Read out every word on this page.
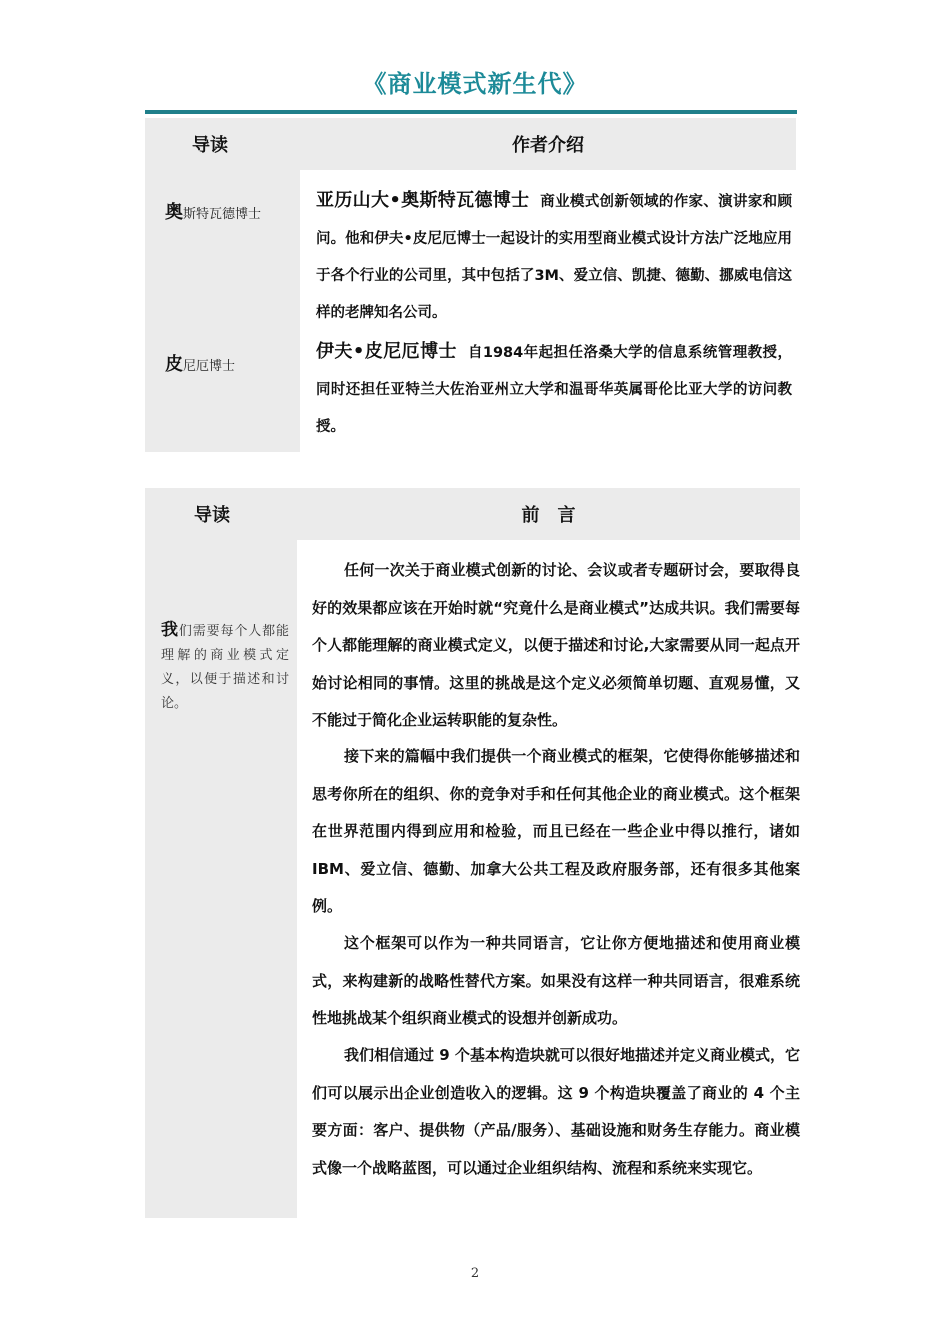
《商业模式新生代》
导读	作者介绍
奥斯特瓦德博士

亚历山大•奥斯特瓦德博士 商业模式创新领域的作家、演讲家和顾问。他和伊夫•皮尼厄博士一起设计的实用型商业模式设计方法广泛地应用于各个行业的公司里，其中包括了3M、爱立信、凯捷、德勤、挪威电信这样的老牌知名公司。

皮尼厄博士

伊夫•皮尼厄博士 自1984年起担任洛桑大学的信息系统管理教授，同时还担任亚特兰大佐治亚州立大学和温哥华英属哥伦比亚大学的访问教授。

导读	前　言

我们需要每个人都能理解的商业模式定义，以便于描述和讨论。

任何一次关于商业模式创新的讨论、会议或者专题研讨会，要取得良好的效果都应该在开始时就“究竟什么是商业模式”达成共识。我们需要每个人都能理解的商业模式定义，以便于描述和讨论,大家需要从同一起点开始讨论相同的事情。这里的挑战是这个定义必须简单切题、直观易懂，又不能过于简化企业运转职能的复杂性。

接下来的篇幅中我们提供一个商业模式的框架，它使得你能够描述和思考你所在的组织、你的竞争对手和任何其他企业的商业模式。这个框架在世界范围内得到应用和检验，而且已经在一些企业中得以推行，诸如 IBM、爱立信、德勤、加拿大公共工程及政府服务部，还有很多其他案例。

这个框架可以作为一种共同语言，它让你方便地描述和使用商业模式，来构建新的战略性替代方案。如果没有这样一种共同语言，很难系统性地挑战某个组织商业模式的设想并创新成功。

我们相信通过 9 个基本构造块就可以很好地描述并定义商业模式，它们可以展示出企业创造收入的逻辑。这 9 个构造块覆盖了商业的 4 个主要方面：客户、提供物（产品/服务）、基础设施和财务生存能力。商业模式像一个战略蓝图，可以通过企业组织结构、流程和系统来实现它。

2
